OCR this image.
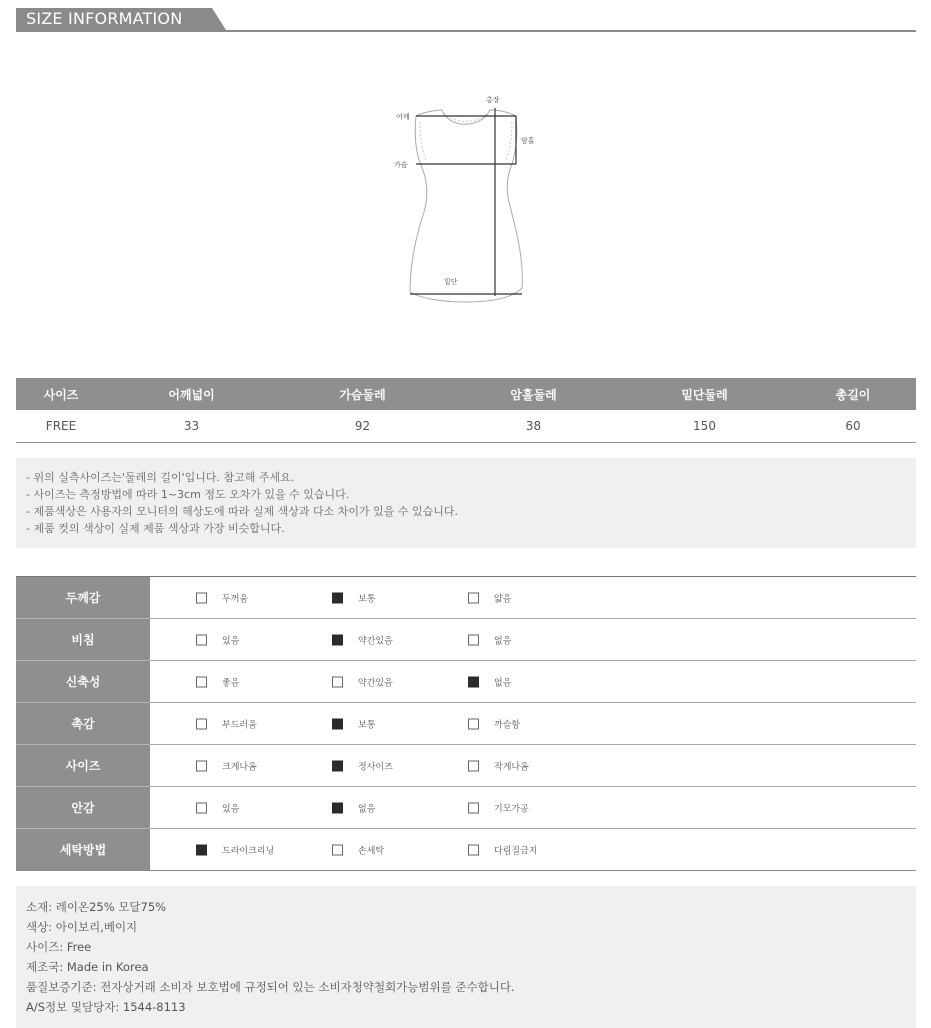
SIZE INFORMATION
총장
어깨
암홀
가슴
밑단
사이즈	어깨넓이	가슴둘레	암홀둘레	밑단둘레	총길이
FREE	33	92	38	150	60
- 위의 실측사이즈는'둘레의 길이'입니다. 참고해 주세요.
- 사이즈는 측정방법에 따라 1~3cm 정도 오차가 있을 수 있습니다.
- 제품색상은 사용자의 모니터의 해상도에 따라 실제 색상과 다소 차이가 있을 수 있습니다.
- 제품 컷의 색상이 실제 제품 색상과 가장 비슷합니다.
두께감	두꺼움 보통 얇음

비침	있음 약간있음 없음

신축성	좋음 약간있음 없음

촉감	부드러움 보통 까슬함

사이즈	크게나옴 정사이즈 작게나옴

안감	있음 없음 기모가공

세탁방법	드라이크리닝 손세탁 다림질금지
소재: 레이온25% 모달75%
색상: 아이보리,베이지
사이즈: Free
제조국: Made in Korea
품질보증기준: 전자상거래 소비자 보호법에 규정되어 있는 소비자청약철회가능범위를 준수합니다.
A/S정보 및담당자: 1544-8113
